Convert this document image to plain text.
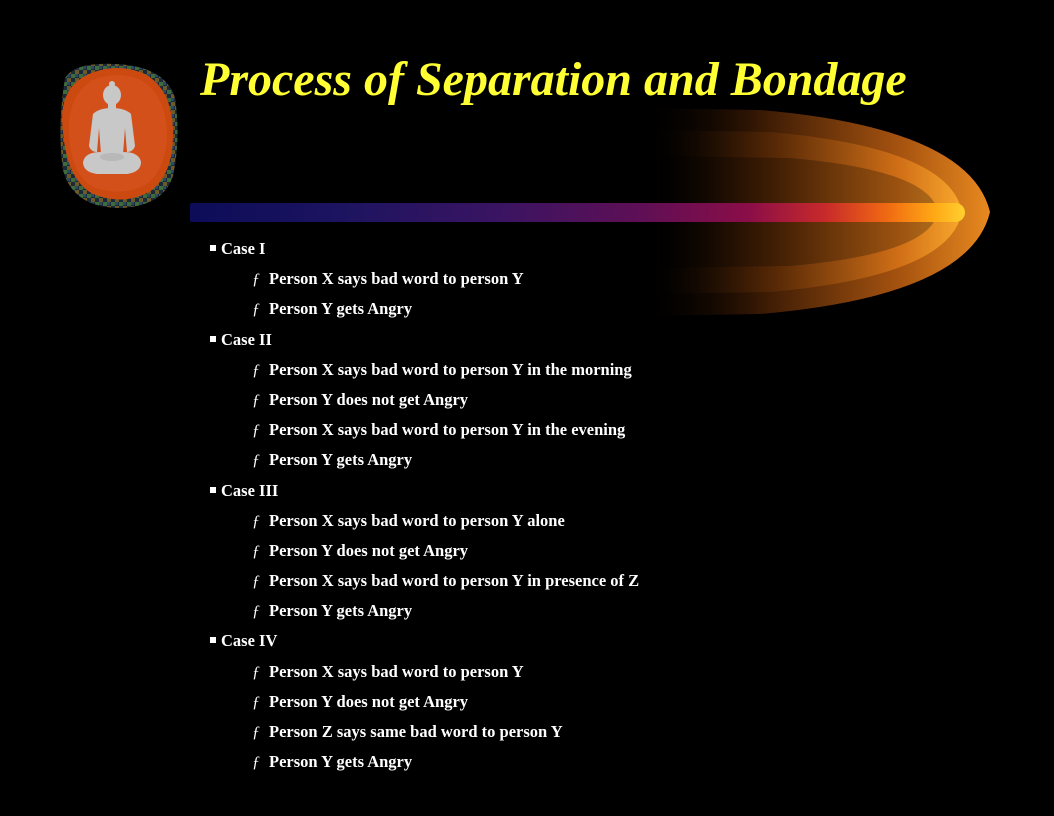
Process of Separation and Bondage
Case I
ƒ Person X says bad word to person Y
ƒ Person Y gets Angry
Case II
ƒ Person X says bad word to person Y in the morning
ƒ Person Y does not get Angry
ƒ Person X says bad word to person Y in the evening
ƒ Person Y gets Angry
Case III
ƒ Person X says bad word to person Y alone
ƒ Person Y does not get Angry
ƒ Person X says bad word to person Y in presence of Z
ƒ Person Y gets Angry
Case IV
ƒ Person X says bad word to person Y
ƒ Person Y does not get Angry
ƒ Person Z says same bad word to person Y
ƒ Person Y gets Angry
